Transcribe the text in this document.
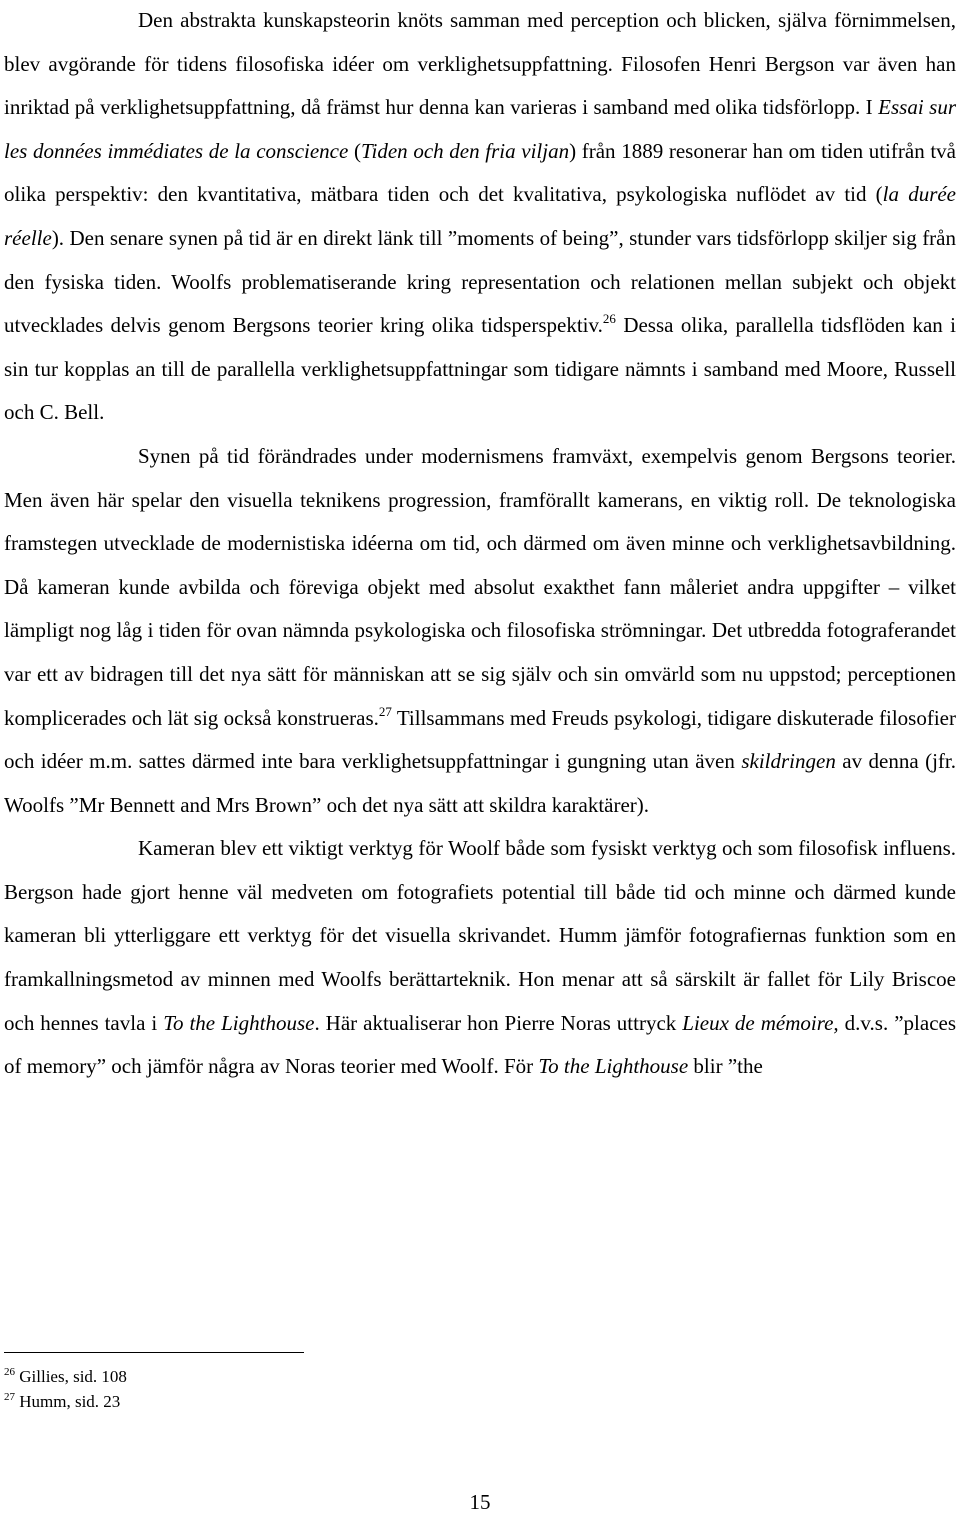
Den abstrakta kunskapsteorin knöts samman med perception och blicken, själva förnimmelsen, blev avgörande för tidens filosofiska idéer om verklighetsuppfattning. Filosofen Henri Bergson var även han inriktad på verklighetsuppfattning, då främst hur denna kan varieras i samband med olika tidsförlopp. I Essai sur les données immédiates de la conscience (Tiden och den fria viljan) från 1889 resonerar han om tiden utifrån två olika perspektiv: den kvantitativa, mätbara tiden och det kvalitativa, psykologiska nuflödet av tid (la durée réelle). Den senare synen på tid är en direkt länk till ”moments of being”, stunder vars tidsförlopp skiljer sig från den fysiska tiden. Woolfs problematiserande kring representation och relationen mellan subjekt och objekt utvecklades delvis genom Bergsons teorier kring olika tidsperspektiv.$^{26}$ Dessa olika, parallella tidsflöden kan i sin tur kopplas an till de parallella verklighetsuppfattningar som tidigare nämnts i samband med Moore, Russell och C. Bell.

Synen på tid förändrades under modernismens framväxt, exempelvis genom Bergsons teorier. Men även här spelar den visuella teknikens progression, framförallt kamerans, en viktig roll. De teknologiska framstegen utvecklade de modernistiska idéerna om tid, och därmed om även minne och verklighetsavbildning. Då kameran kunde avbilda och föreviga objekt med absolut exakthet fann måleriet andra uppgifter – vilket lämpligt nog låg i tiden för ovan nämnda psykologiska och filosofiska strömningar. Det utbredda fotograferandet var ett av bidragen till det nya sätt för människan att se sig själv och sin omvärld som nu uppstod; perceptionen komplicerades och lät sig också konstrueras.$^{27}$ Tillsammans med Freuds psykologi, tidigare diskuterade filosofier och idéer m.m. sattes därmed inte bara verklighetsuppfattningar i gungning utan även skildringen av denna (jfr. Woolfs ”Mr Bennett and Mrs Brown” och det nya sätt att skildra karaktärer).

Kameran blev ett viktigt verktyg för Woolf både som fysiskt verktyg och som filosofisk influens. Bergson hade gjort henne väl medveten om fotografiets potential till både tid och minne och därmed kunde kameran bli ytterliggare ett verktyg för det visuella skrivandet. Humm jämför fotografiernas funktion som en framkallningsmetod av minnen med Woolfs berättarteknik. Hon menar att så särskilt är fallet för Lily Briscoe och hennes tavla i To the Lighthouse. Här aktualiserar hon Pierre Noras uttryck Lieux de mémoire, d.v.s. ”places of memory” och jämför några av Noras teorier med Woolf. För To the Lighthouse blir ”the

$^{26}$ Gillies, sid. 108

$^{27}$ Humm, sid. 23

15
